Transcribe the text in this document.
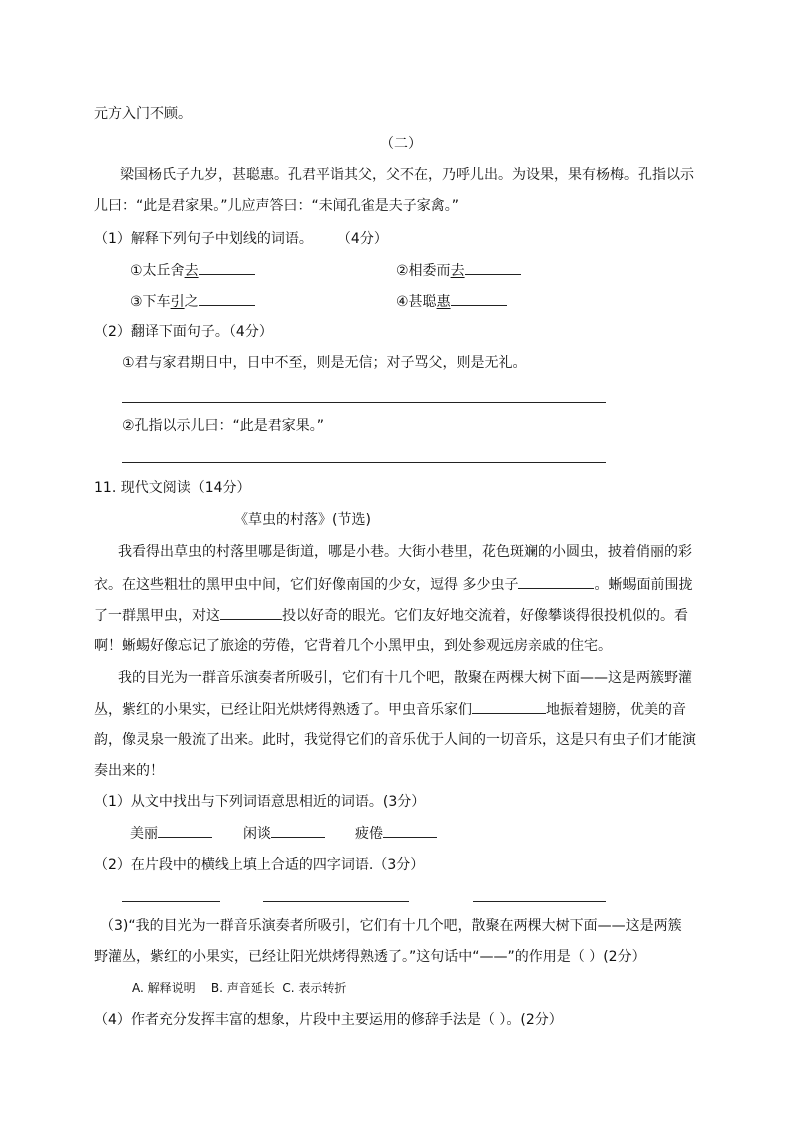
元方入门不顾。
（二）
梁国杨氏子九岁，甚聪惠。孔君平诣其父，父不在，乃呼儿出。为设果，果有杨梅。孔指以示
儿曰：“此是君家果。”儿应声答曰：“未闻孔雀是夫子家禽。”
（1）解释下列句子中划线的词语。 （4分）
①太丘舍去	②相委而去
③下车引之	④甚聪惠
（2）翻译下面句子。（4分）
①君与家君期日中，日中不至，则是无信；对子骂父，则是无礼。
②孔指以示儿曰：“此是君家果。”
11. 现代文阅读（14分）
《草虫的村落》(节选)
我看得出草虫的村落里哪是街道，哪是小巷。大街小巷里，花色斑斓的小圆虫，披着俏丽的彩
衣。在这些粗壮的黑甲虫中间，它们好像南国的少女，逗得 多少虫子	。蜥蜴面前围拢
了一群黑甲虫，对这	投以好奇的眼光。它们友好地交流着，好像攀谈得很投机似的。看
啊！蜥蜴好像忘记了旅途的劳倦，它背着几个小黑甲虫，到处参观远房亲戚的住宅。
我的目光为一群音乐演奏者所吸引，它们有十几个吧，散聚在两棵大树下面——这是两簇野灌
丛，紫红的小果实，已经让阳光烘烤得熟透了。甲虫音乐家们	地振着翅膀，优美的音
韵，像灵泉一般流了出来。此时，我觉得它们的音乐优于人间的一切音乐，这是只有虫子们才能演
奏出来的！
（1）从文中找出与下列词语意思相近的词语。(3分）
美丽	闲谈	疲倦
（2）在片段中的横线上填上合适的四字词语.（3分）
（3)“我的目光为一群音乐演奏者所吸引，它们有十几个吧，散聚在两棵大树下面——这是两簇
野灌丛，紫红的小果实，已经让阳光烘烤得熟透了。”这句话中“——”的作用是（ ）(2分）
A. 解释说明    B. 声音延长  C. 表示转折
（4）作者充分发挥丰富的想象，片段中主要运用的修辞手法是（ ）。(2分）
